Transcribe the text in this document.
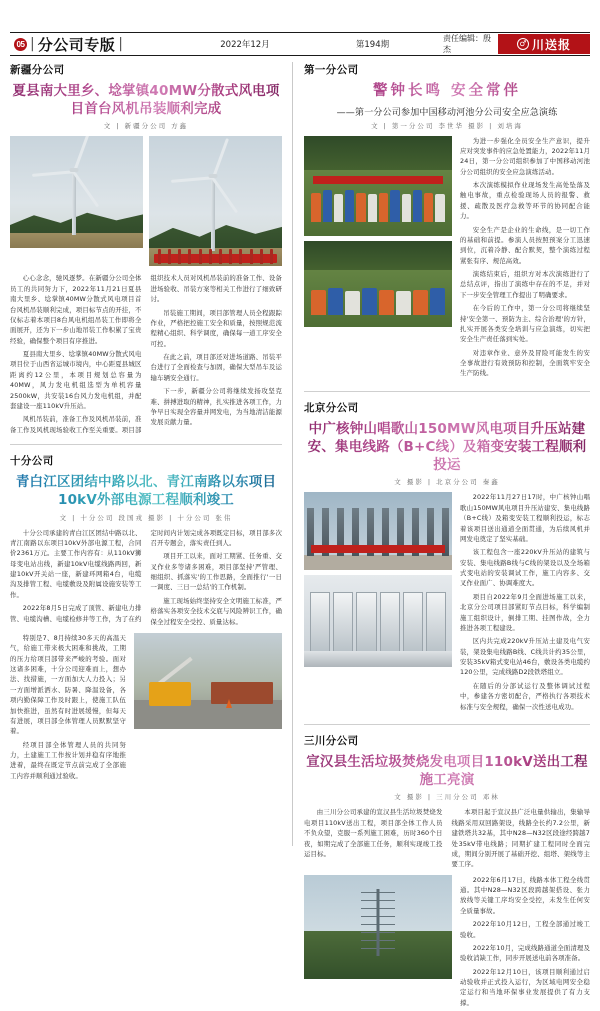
05 | 分公司专版 |	2022年12月	第194期
责任编辑：殷杰
♂ 川送报
新疆分公司
夏县南大里乡、埝掌镇40MW分散式风电项目首台风机吊装顺利完成
文 | 新疆分公司 方鑫

心心念念，驰风逐梦。在新疆分公司全体员工的共同努力下，2022年11月21日夏县南大里乡、埝掌镇40MW分散式风电项目首台风机吊装顺利完成，项目标节点的开挂，不仅标志着本项目8台风电机组吊装工作即将全面展开，还为下一步山地吊装工作积累了宝贵经验，确保整个项目有序推进。

夏县南大里乡、埝掌镇40MW分散式风电项目位于山西省运城市境内，中心距夏县城区距离约12公里，本项目规划总容量为40MW，风力发电机组选型为单机容量2500kW，共安装16台风力发电机组，并配套建设一座110kV升压站。

风机吊装前，准备工作及风机吊装前，准备工作及风机现场验收工作至关重要。项目部组织技术人员对风机吊装前的准备工作、设备进场验收、吊装方案等相关工作进行了细致研讨。

吊装施工期间，项目部管理人员全程跟踪作业，严格把控施工安全和质量，按照规范流程精心组织、科学调度，确保每一道工序安全可控。

在此之前，项目部还对进场道路、吊装平台进行了全面检查与加固，确保大型吊车及运输车辆安全通行。

下一步，新疆分公司将继续发扬攻坚克难、拼搏进取的精神，扎实推进各项工作，力争早日实现全容量并网发电，为当地清洁能源发展贡献力量。

十分公司
青白江区团结中路以北、青江南路以东项目10kV外部电源工程顺利竣工
文 | 十分公司 段国戎 摄影 | 十分公司 张伟

十分公司承建的青白江区团结中路以北、青江南路以东项目10kV外部电源工程，合同价2361万元。主要工作内容有：从110kV狮母变电站出线，新建10kV电缆线路两回，新建10kV开关站一座，新建环网箱4台，电缆沟及排管工程、电缆敷设及附属设施安装等工作。

2022年8月5日完成了顶管、新建电力排管、电缆沟槽、电缆检修井等工作，为了在约定时间内计划完成各项既定目标，项目部多次召开专题会，落实责任到人。

项目开工以来，面对工期紧、任务重、交叉作业多等诸多困难，项目部坚持'严管理、细组织、抓落实'的工作思路，全面推行'一日一调度、三日一总结'的工作机制。

施工现场始终坚持安全文明施工标准，严格落实各项安全技术交底与风险辨识工作，确保全过程安全受控、质量达标。

特别是7、8月持续30多天的高温天气，给施工带来极大困难和挑战，工期的压力给项目部带来严峻的考验。面对这诸多困难，十分公司迎难而上，想办法、找措施，一方面加大人力投入；另一方面增派洒水、防暑、降温设备，各项内勤保障工作及时跟上，使施工队伍加快推进，虽然有时进展缓慢，但每天有进展，项目部全体管理人员默默坚守着。

经项目部全体管理人员的共同努力，土建施工工作按计划并稳有序地推进着，最终在既定节点前完成了全部施工内容并顺利通过验收。

第一分公司
警钟长鸣 安全常伴
——第一分公司参加中国移动河池分公司安全应急演练
文 | 第一分公司 李世华 摄影 | 刘培海

为进一步强化全员安全生产意识，提升应对突发事件的应急处置能力，2022年11月24日，第一分公司组织参加了中国移动河池分公司组织的安全应急演练活动。

本次演练模拟作业现场发生高处坠落及触电事故，重点检验现场人员的报警、救援、疏散及医疗急救等环节的协同配合能力。

安全生产是企业的生命线，是一切工作的基础和前提。参演人员按照预案分工迅速到位，沉着冷静、配合默契，整个演练过程紧张有序、规范高效。

演练结束后，组织方对本次演练进行了总结点评，指出了演练中存在的不足，并对下一步安全管理工作提出了明确要求。

在今后的工作中，第一分公司将继续坚持'安全第一、预防为主、综合治理'的方针，扎实开展各类安全培训与应急演练，切实把安全生产责任落到实处。

对违章作业、意外及冒险可能发生的安全事故进行有效预防和控制，全面筑牢安全生产防线。

北京分公司
中广核钟山唱歌山150MW风电项目升压站建安、集电线路（B+C线）及箱变安装工程顺利投运
文 摄影 | 北京分公司 秦鑫

2022年11月27日17时，中广核钟山唱歌山150MW风电项目升压站建安、集电线路（B+C线）及箱变安装工程顺利投运，标志着该项目送出通道全面贯通，为后续风机并网发电奠定了坚实基础。

该工程包含一座220kV升压站的建筑与安装、集电线路B线与C线的架设以及全场箱式变电站的安装调试工作，施工内容多、交叉作业面广、协调难度大。

项目自2022年9月全面进场施工以来，北京分公司项目部紧盯节点目标，科学编制施工组织设计，倒排工期、挂图作战，全力推进各项工程建设。

区内共完成220kV升压站土建及电气安装，架设集电线路B线、C线共计约35公里，安装35kV箱式变电站46台，敷设各类电缆约120公里，完成线路D2段铁塔组立。

在随后的分部试运行及整体调试过程中，参建各方密切配合，严格执行各项技术标准与安全规程，确保一次性送电成功。

三川分公司
宣汉县生活垃圾焚烧发电项目110kV送出工程施工亮演
文 摄影 | 三川分公司 邓林

由三川分公司承建的宣汉县生活垃圾焚烧发电项目110kV送出工程，项目部全体工作人员不负众望，克服一系列施工困难，历时360个日夜，如期完成了全部施工任务，顺利实现竣工投运目标。

本项目起于宣汉县广泛电量供输出，集输导线路采用双回路架设，线路全长约7.2公里，新建铁塔共32基，其中N28—N32区段途经跨越7处35kV带电线路；同期扩建工程同时全面完成，期间分别开展了基础开挖、组塔、架线等主要工序。

2022年6月17日，线路本体工程全线贯通。其中N28—N32区段跨越架搭设、张力放线等关键工序均安全受控，未发生任何安全质量事故。

2022年10月12日，工程全部通过竣工验收。

2022年10月，完成线路通道全面清理及验收消缺工作，同步开展送电前各项准备。

2022年12月10日，该项目顺利通过启动验收并正式投入运行，为区域电网安全稳定运行和当地环保事业发展提供了有力支撑。
